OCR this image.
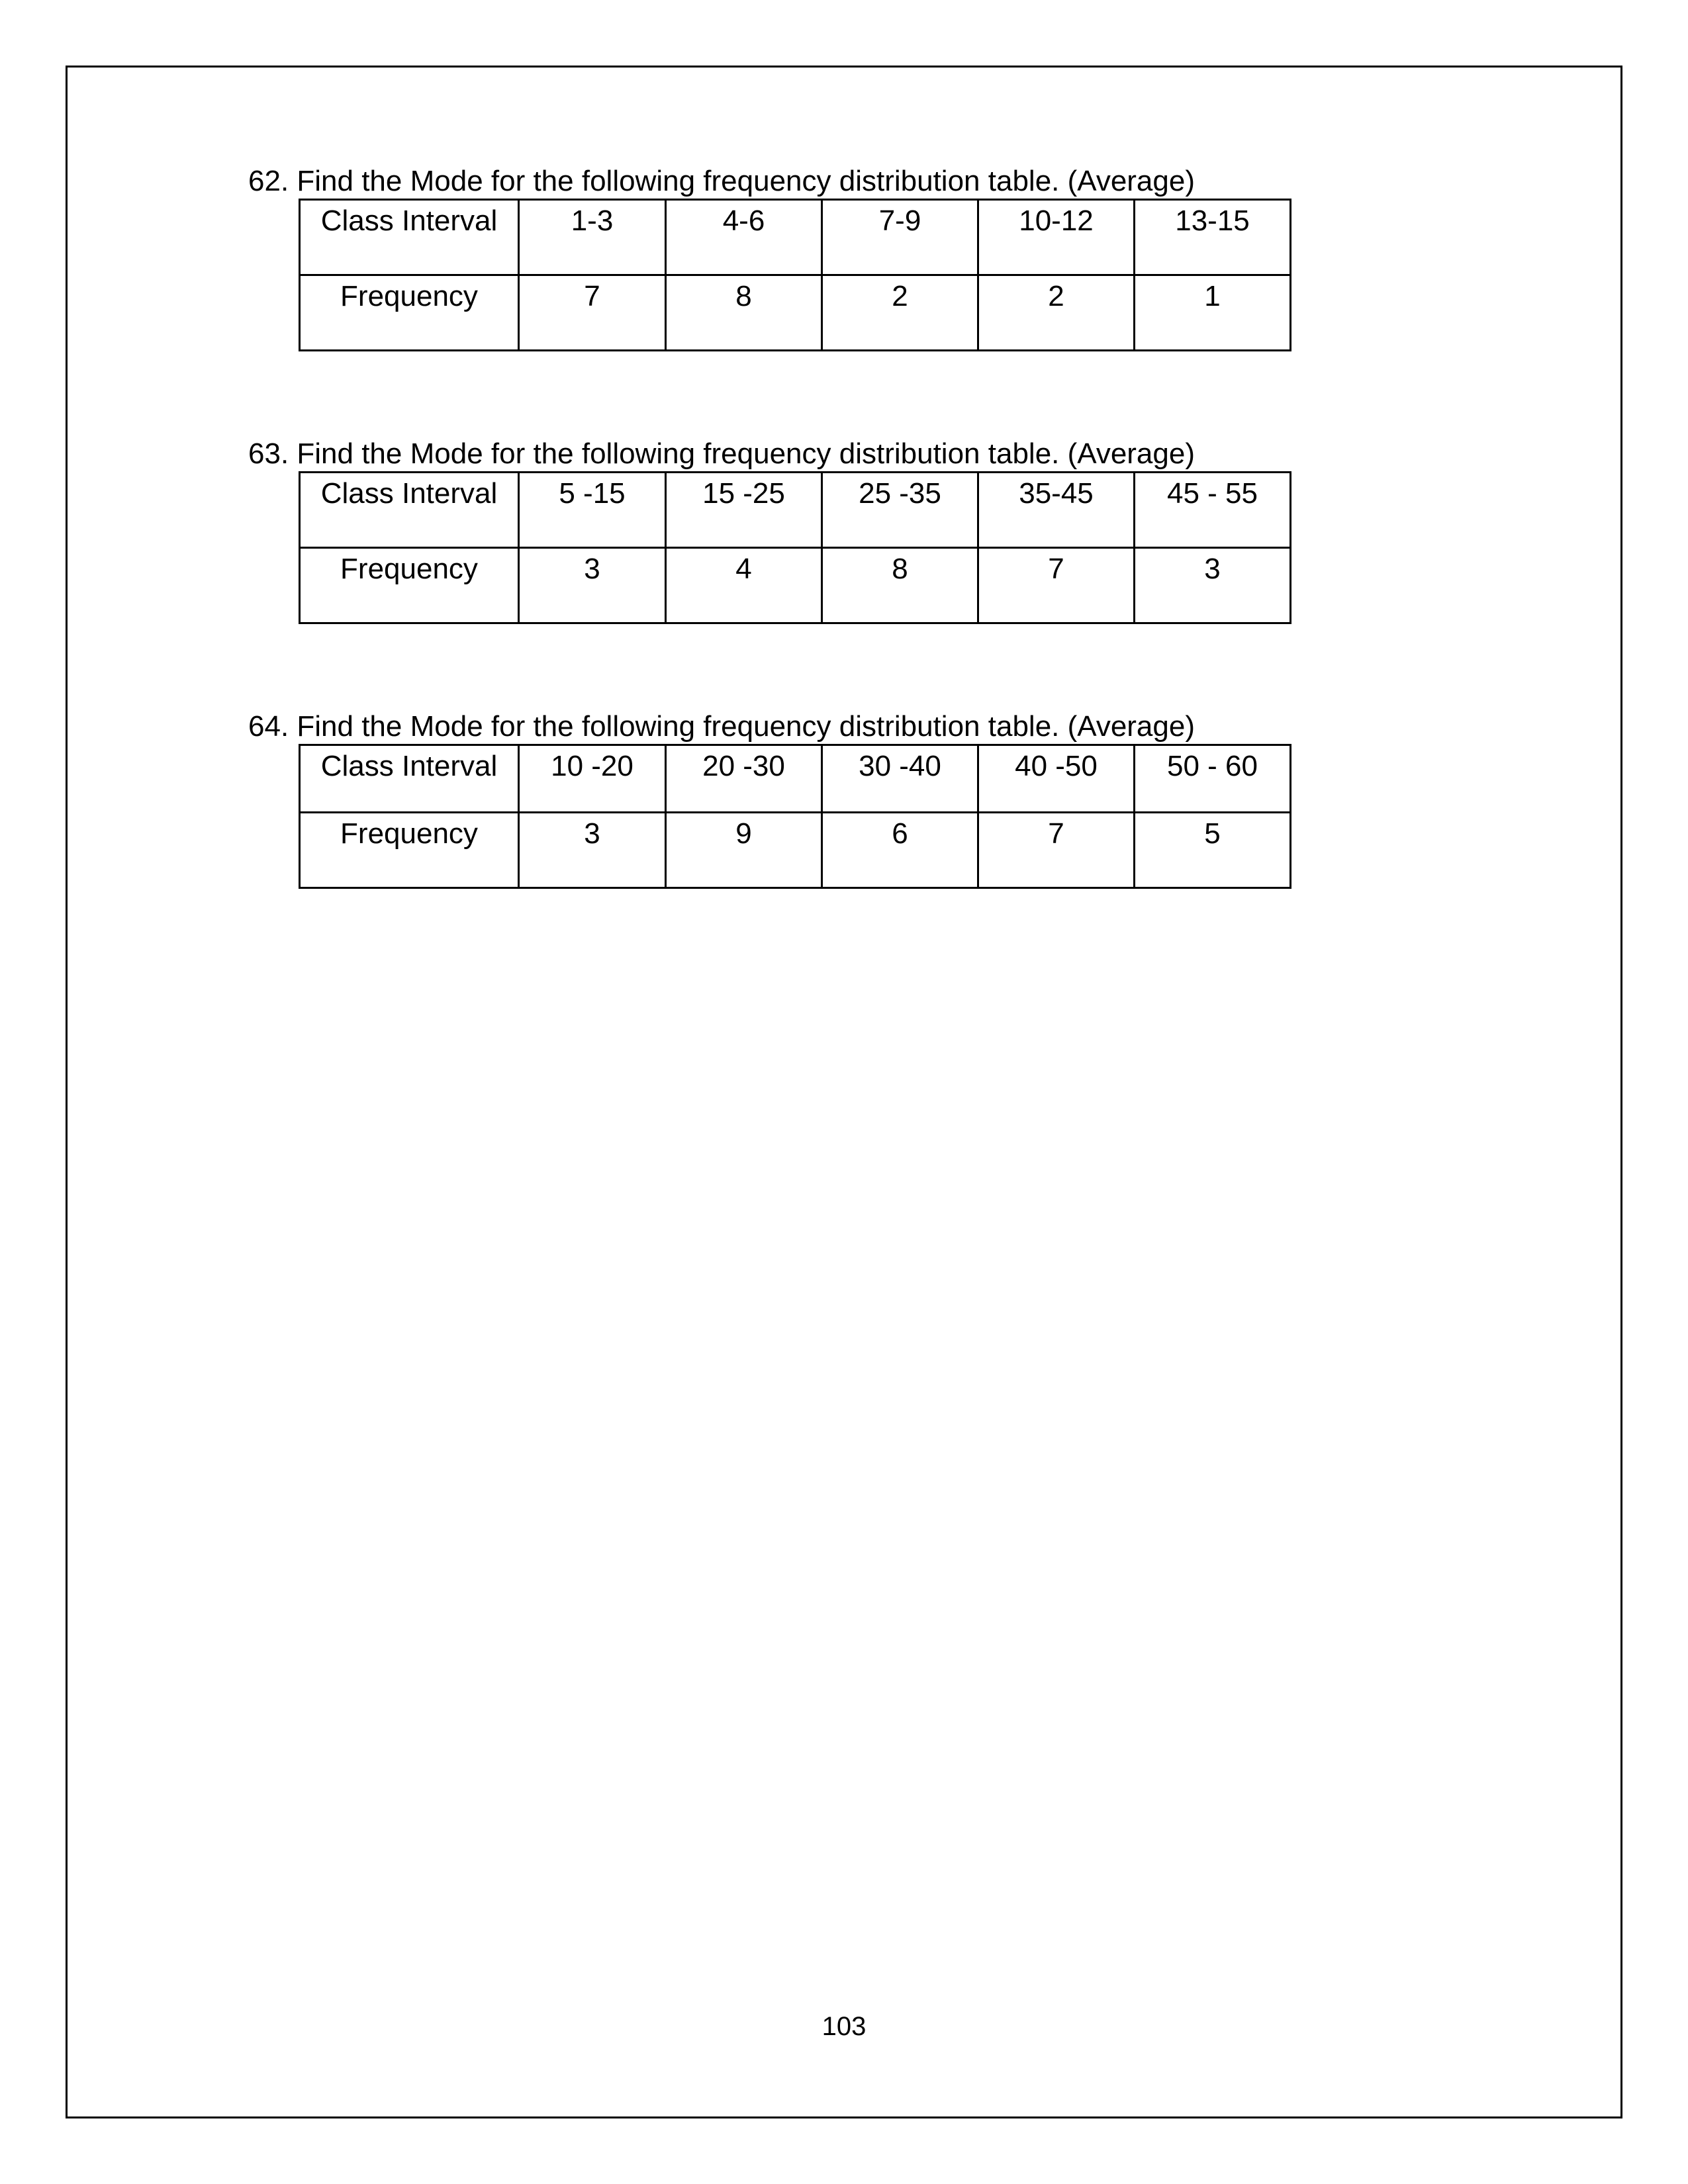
62. Find the Mode for the following frequency distribution table. (Average)

Class Interval	1-3	4-6	7-9	10-12	13-15
Frequency	7	8	2	2	1

63. Find the Mode for the following frequency distribution table. (Average)

Class Interval	5 -15	15 -25	25 -35	35-45	45 - 55
Frequency	3	4	8	7	3

64. Find the Mode for the following frequency distribution table. (Average)

Class Interval	10 -20	20 -30	30 -40	40 -50	50 - 60
Frequency	3	9	6	7	5
103
